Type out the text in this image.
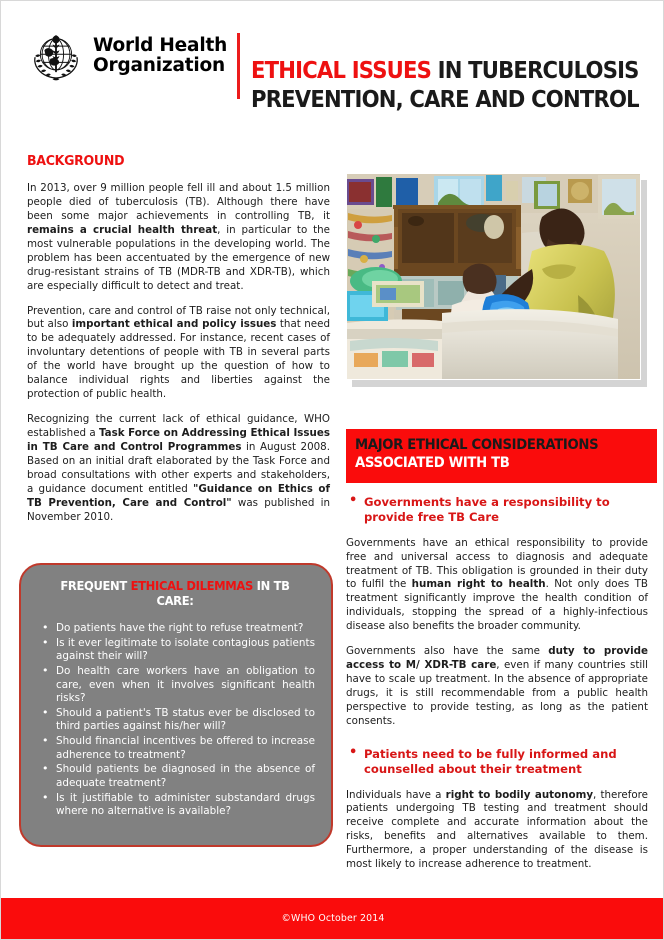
World Health
Organization ETHICAL ISSUES IN TUBERCULOSIS
PREVENTION, CARE AND CONTROL
BACKGROUND

In 2013, over 9 million people fell ill and about 1.5 million people died of tuberculosis (TB). Although there have been some major achievements in controlling TB, it remains a crucial health threat, in particular to the most vulnerable populations in the developing world. The problem has been accentuated by the emergence of new drug-resistant strains of TB (MDR-TB and XDR-TB), which are especially difficult to detect and treat.

Prevention, care and control of TB raise not only technical, but also important ethical and policy issues that need to be adequately addressed. For instance, recent cases of involuntary detentions of people with TB in several parts of the world have brought up the question of how to balance individual rights and liberties against the protection of public health.

Recognizing the current lack of ethical guidance, WHO established a Task Force on Addressing Ethical Issues in TB Care and Control Programmes in August 2008. Based on an initial draft elaborated by the Task Force and broad consultations with other experts and stakeholders, a guidance document entitled "Guidance on Ethics of TB Prevention, Care and Control" was published in November 2010.

FREQUENT ETHICAL DILEMMAS IN TB CARE:
• Do patients have the right to refuse treatment?
• Is it ever legitimate to isolate contagious patients against their will?
• Do health care workers have an obligation to care, even when it involves significant health risks?
• Should a patient's TB status ever be disclosed to third parties against his/her will?
• Should financial incentives be offered to increase adherence to treatment?
• Should patients be diagnosed in the absence of adequate treatment?
• Is it justifiable to administer substandard drugs where no alternative is available?
MAJOR ETHICAL CONSIDERATIONS
ASSOCIATED WITH TB
• Governments have a responsibility to provide free TB Care

Governments have an ethical responsibility to provide free and universal access to diagnosis and adequate treatment of TB. This obligation is grounded in their duty to fulfil the human right to health. Not only does TB treatment significantly improve the health condition of individuals, stopping the spread of a highly-infectious disease also benefits the broader community.

Governments also have the same duty to provide access to M/ XDR-TB care, even if many countries still have to scale up treatment. In the absence of appropriate drugs, it is still recommendable from a public health perspective to provide testing, as long as the patient consents.

• Patients need to be fully informed and counselled about their treatment

Individuals have a right to bodily autonomy, therefore patients undergoing TB testing and treatment should receive complete and accurate information about the risks, benefits and alternatives available to them. Furthermore, a proper understanding of the disease is most likely to increase adherence to treatment.

©WHO October 2014
